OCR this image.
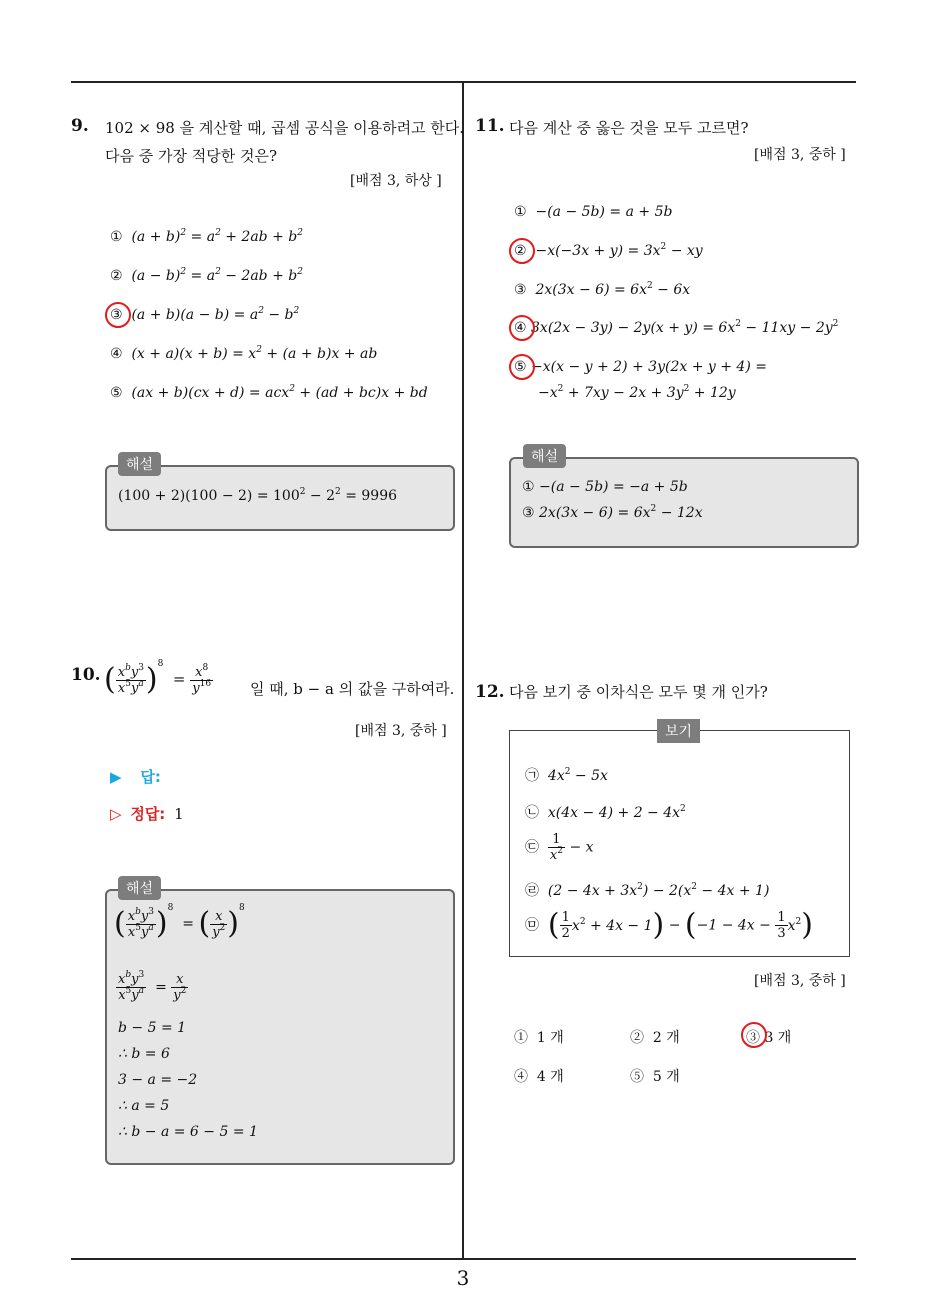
9. 102 × 98 을 계산할 때, 곱셈 공식을 이용하려고 한다.
다음 중 가장 적당한 것은?
[배점 3, 하상 ]
① $(a + b)^2 = a^2 + 2ab + b^2$
② $(a - b)^2 = a^2 - 2ab + b^2$
③ $(a + b)(a - b) = a^2 - b^2$
④ $(x + a)(x + b) = x^2 + (a + b)x$ + ab
⑤ (ax + b)(cx + d) = acx$^2$ + (ad + bc)x + bd
해설
$(100 + 2)(100 - 2) = 100^2 - 2^2 = 9996$
10. ( $\frac{x^by^3}{x^5y^a} )^8 = \frac{x^8}{y^{16}}$ 일 때, b − a 의 값을 구하여라.
[배점 3, 중하 ]
▶ 답:
▷ 정답: 1
해설
( $\frac{x^by^3}{x^5y^a} )^8$  = ( $\frac{x}{y^2} )^8$
$\frac{x^by^3}{x^5y^a} = \frac{x}{y^2}$
b − 5 = 1
∴ b = 6
3 − a = −2
∴ a = 5
∴ b − a = 6 − 5 = 1
11. 다음 계산 중 옳은 것을 모두 고르면?
[배점 3, 중하 ]
① −(a − 5b) = a + 5b
② $-x(-3x + y) = 3x^2$ − xy
③ $2x(3x - 6) = 6x^2 - 6x$
④ $3x(2x - 3y) - 2y(x + y) = 6x^2 - 11xy - 2y^2$
⑤ −x(x − y + 2) + 3y(2x + y + 4) =
$-x^2 + 7xy - 2x + 3y^2 + 12y$
해설
① −(a − 5b) = −a + 5b
③ $2x(3x - 6) = 6x^2 - 12x$
12. 다음 보기 중 이차식은 모두 몇 개 인가?
보기
㉠ $4x^2 - 5x$
㉡ $x(4x - 4) + 2 - 4x^2$
㉢ $\frac{1}{x^2} - x$
㉣ $(2 - 4x + 3x^2) - 2(x^2 - 4x + 1)$
㉤ ( $\frac{1}{2} x^2 + 4x - 1) - (-1 - 4x - \frac{1}{3} x^2)$
[배점 3, 중하 ]
① 1 개	② 2 개	③ 3 개
④ 4 개	⑤ 5 개
3
